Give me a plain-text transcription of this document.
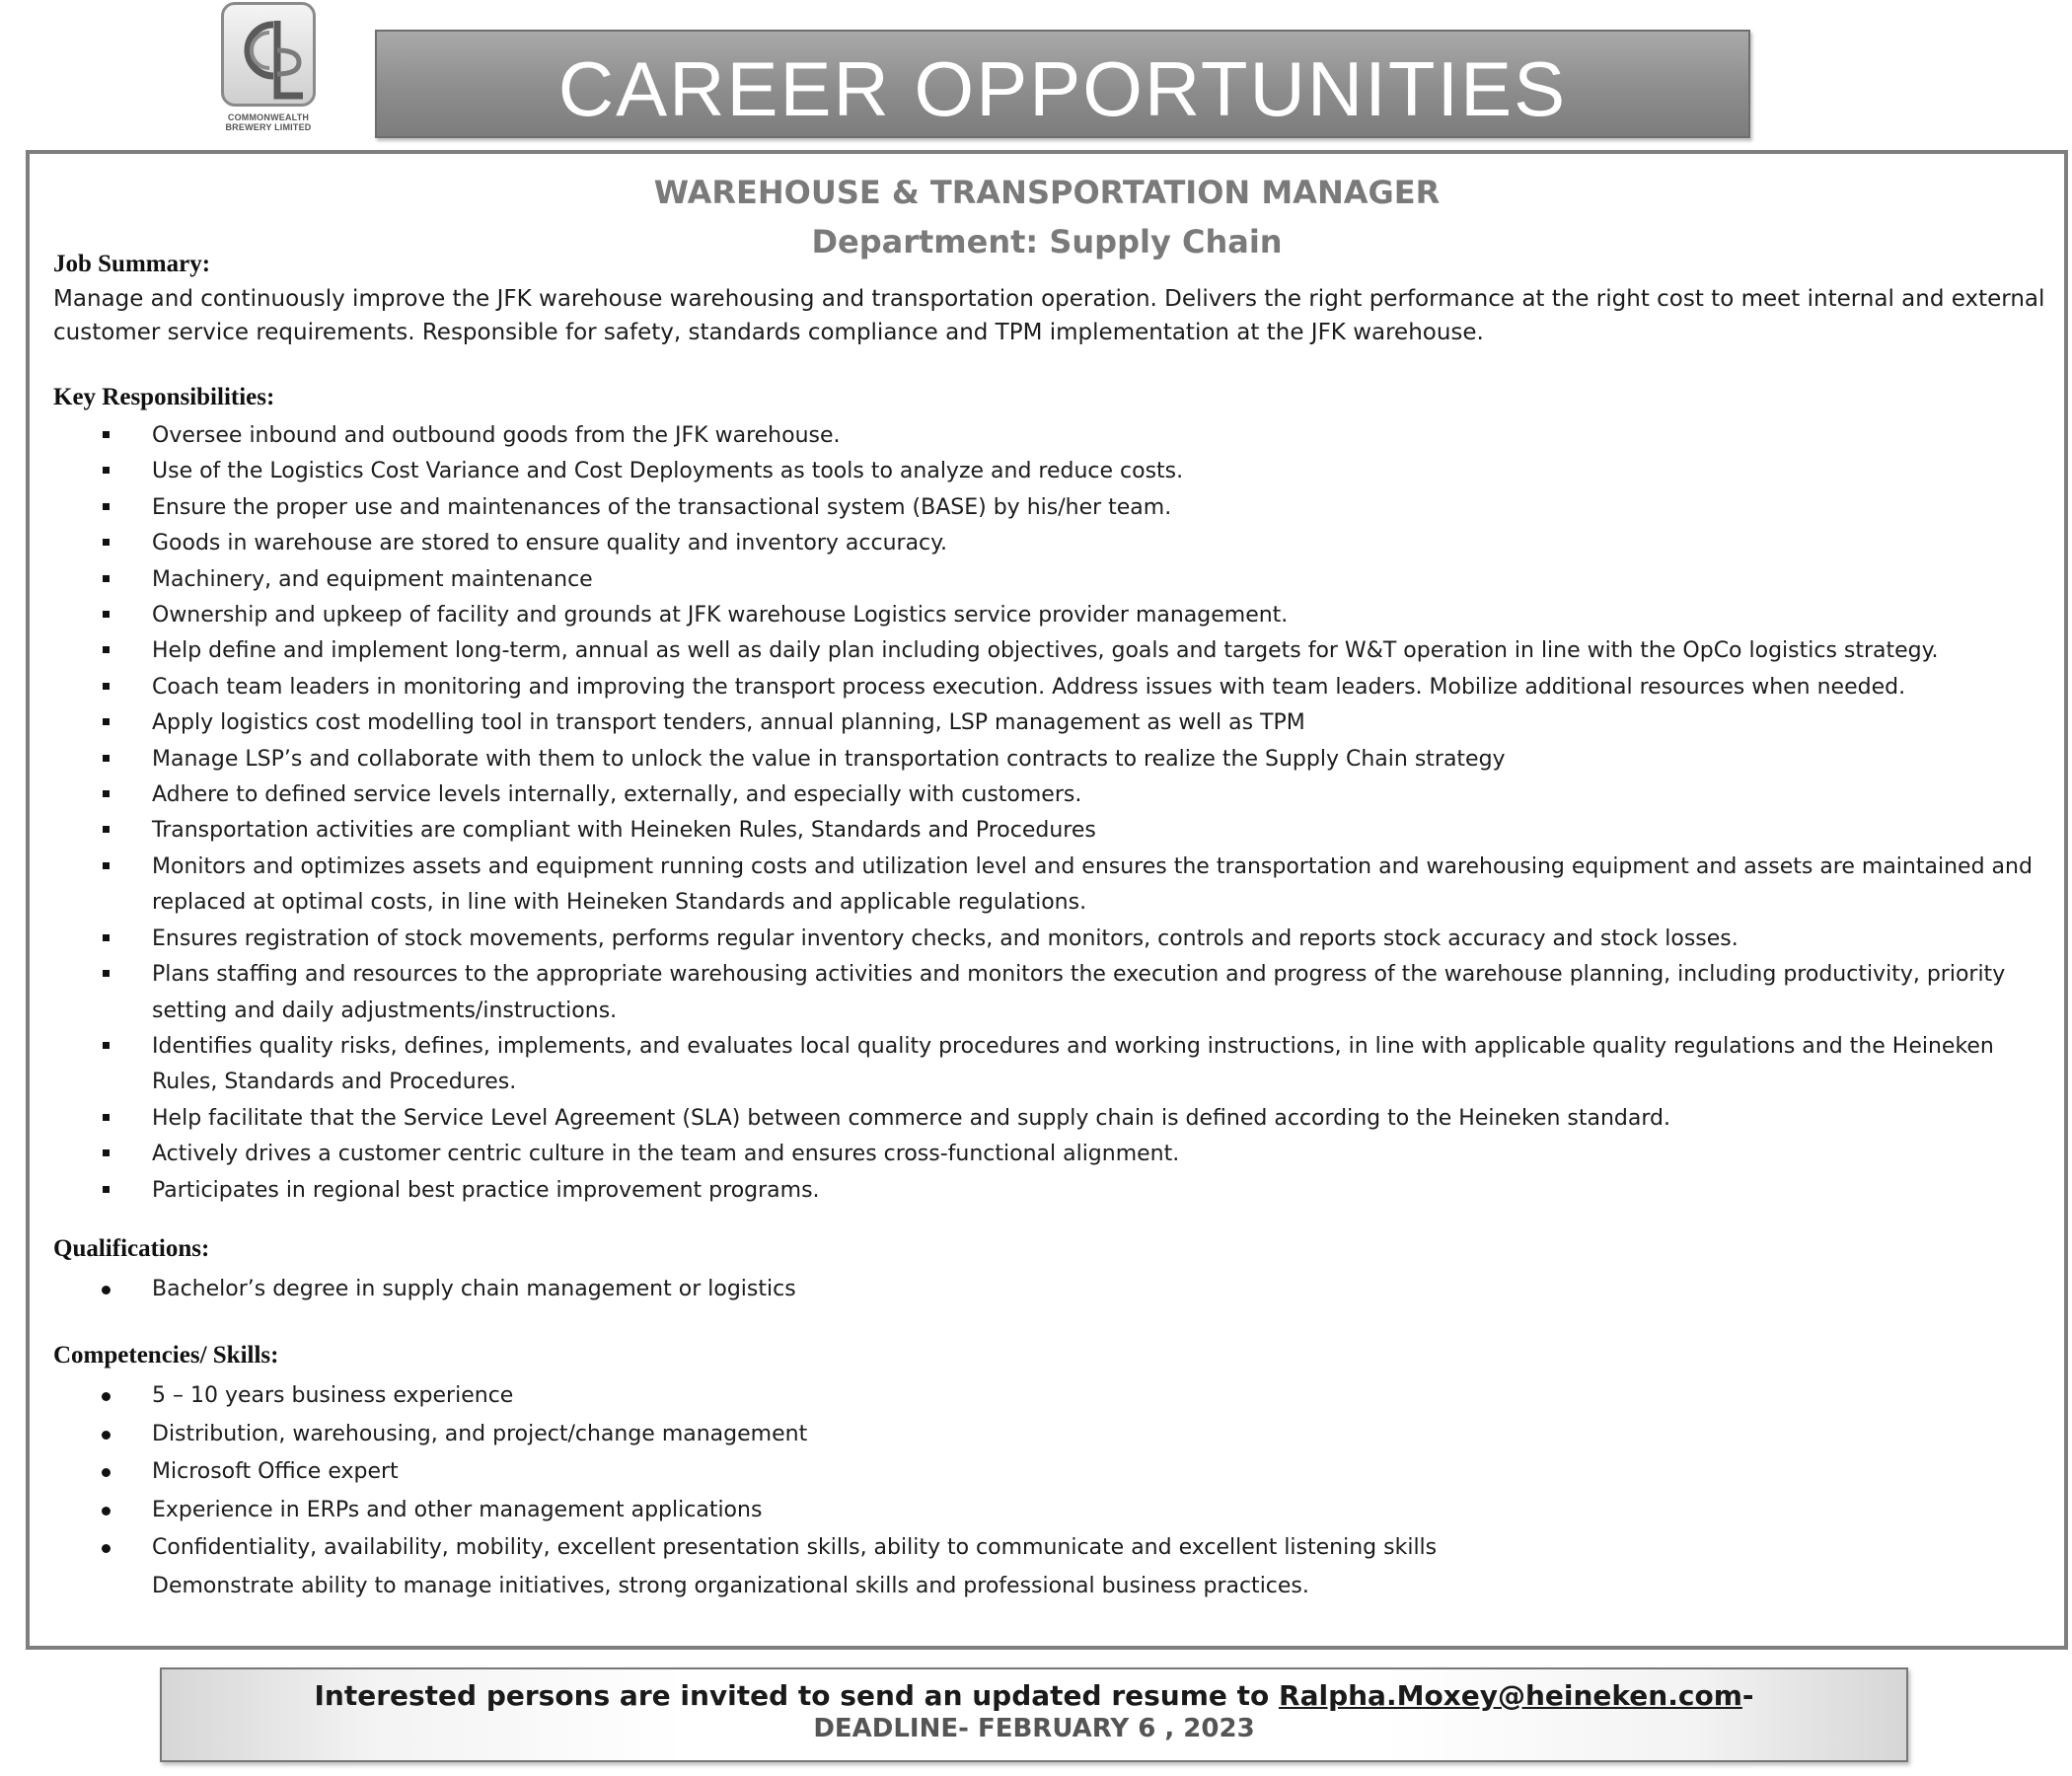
COMMONWEALTH BREWERY LIMITED	CAREER OPPORTUNITIES
WAREHOUSE & TRANSPORTATION MANAGER
Department: Supply Chain
Job Summary:
Manage and continuously improve the JFK warehouse warehousing and transportation operation. Delivers the right performance at the right cost to meet internal and external customer service requirements. Responsible for safety, standards compliance and TPM implementation at the JFK warehouse.
Key Responsibilities:
Oversee inbound and outbound goods from the JFK warehouse.
Use of the Logistics Cost Variance and Cost Deployments as tools to analyze and reduce costs.
Ensure the proper use and maintenances of the transactional system (BASE) by his/her team.
Goods in warehouse are stored to ensure quality and inventory accuracy.
Machinery, and equipment maintenance
Ownership and upkeep of facility and grounds at JFK warehouse Logistics service provider management.
Help define and implement long-term, annual as well as daily plan including objectives, goals and targets for W&T operation in line with the OpCo logistics strategy.
Coach team leaders in monitoring and improving the transport process execution. Address issues with team leaders. Mobilize additional resources when needed.
Apply logistics cost modelling tool in transport tenders, annual planning, LSP management as well as TPM
Manage LSP’s and collaborate with them to unlock the value in transportation contracts to realize the Supply Chain strategy
Adhere to defined service levels internally, externally, and especially with customers.
Transportation activities are compliant with Heineken Rules, Standards and Procedures
Monitors and optimizes assets and equipment running costs and utilization level and ensures the transportation and warehousing equipment and assets are maintained and replaced at optimal costs, in line with Heineken Standards and applicable regulations.
Ensures registration of stock movements, performs regular inventory checks, and monitors, controls and reports stock accuracy and stock losses.
Plans staffing and resources to the appropriate warehousing activities and monitors the execution and progress of the warehouse planning, including productivity, priority setting and daily adjustments/instructions.
Identifies quality risks, defines, implements, and evaluates local quality procedures and working instructions, in line with applicable quality regulations and the Heineken Rules, Standards and Procedures.
Help facilitate that the Service Level Agreement (SLA) between commerce and supply chain is defined according to the Heineken standard.
Actively drives a customer centric culture in the team and ensures cross-functional alignment.
Participates in regional best practice improvement programs.
Qualifications:
Bachelor’s degree in supply chain management or logistics
Competencies/ Skills:
5 – 10 years business experience
Distribution, warehousing, and project/change management
Microsoft Office expert
Experience in ERPs and other management applications
Confidentiality, availability, mobility, excellent presentation skills, ability to communicate and excellent listening skills
Demonstrate ability to manage initiatives, strong organizational skills and professional business practices.
Interested persons are invited to send an updated resume to Ralpha.Moxey@heineken.com-
DEADLINE- FEBRUARY 6 , 2023
